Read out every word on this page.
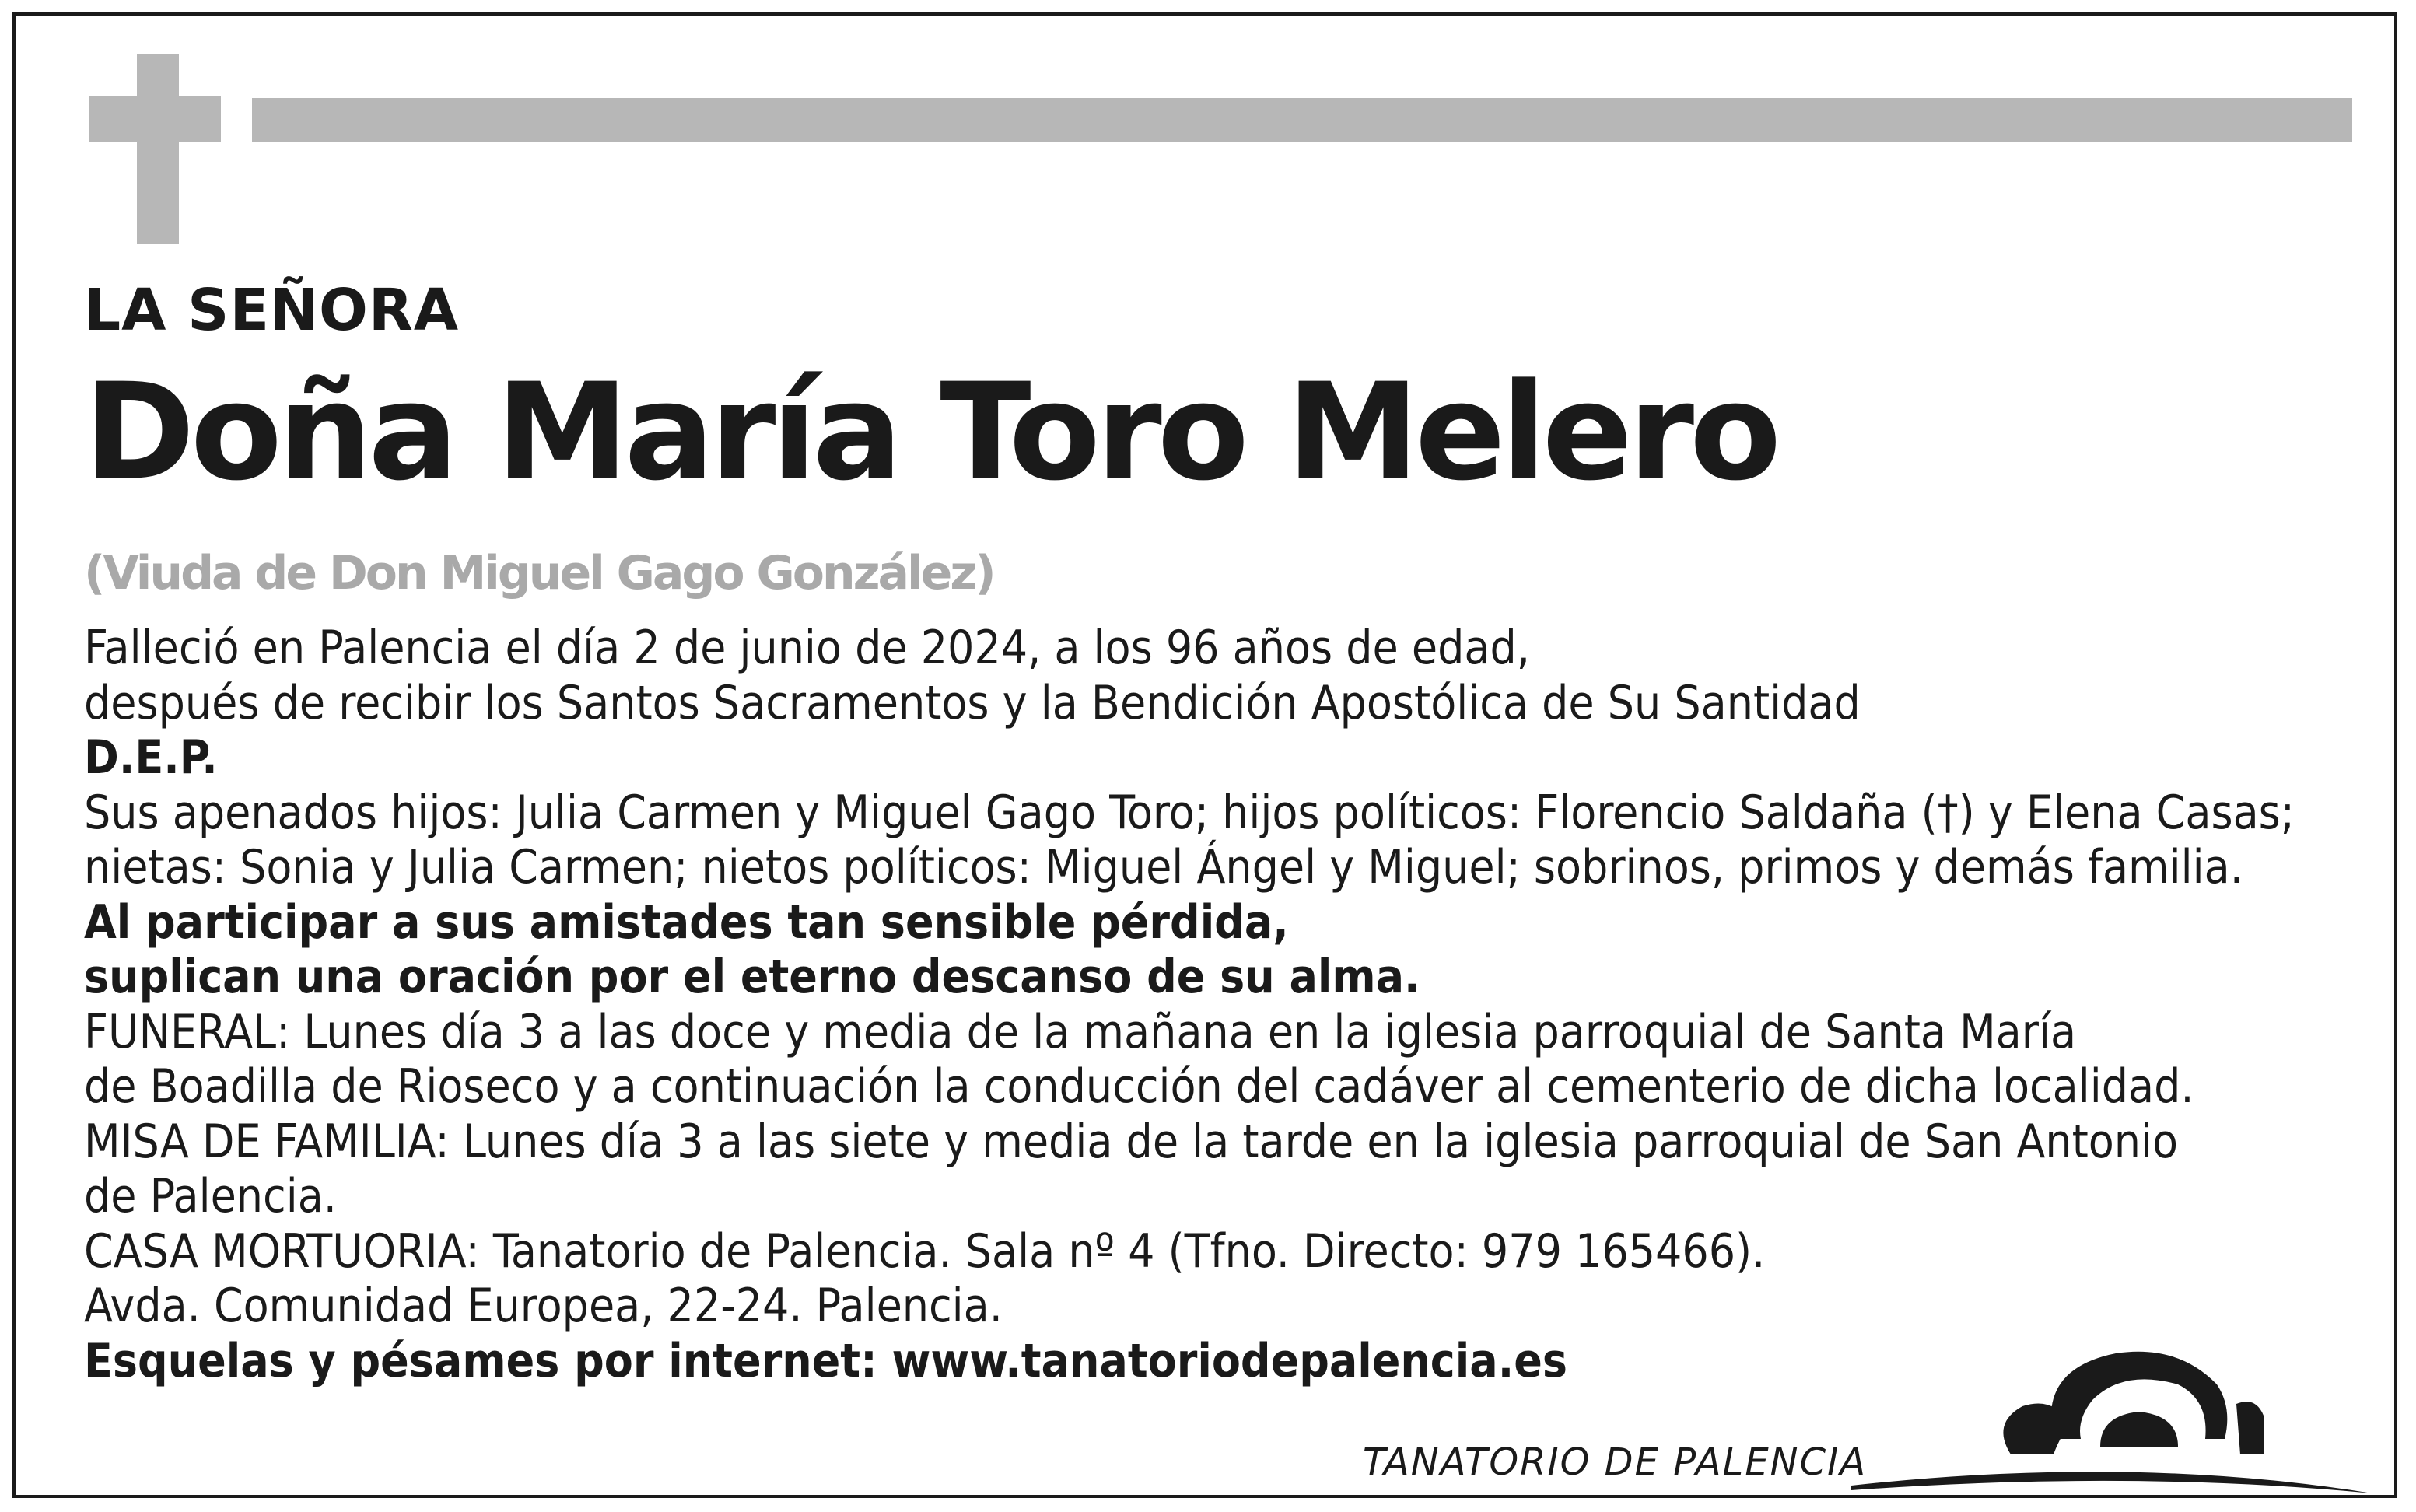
LA SEÑORA
Doña María Toro Melero
(Viuda de Don Miguel Gago González)
Falleció en Palencia el día 2 de junio de 2024, a los 96 años de edad,
después de recibir los Santos Sacramentos y la Bendición Apostólica de Su Santidad
D.E.P.
Sus apenados hijos: Julia Carmen y Miguel Gago Toro; hijos políticos: Florencio Saldaña (†) y Elena Casas;
nietas: Sonia y Julia Carmen; nietos políticos: Miguel Ángel y Miguel; sobrinos, primos y demás familia.
Al participar a sus amistades tan sensible pérdida,
suplican una oración por el eterno descanso de su alma.
FUNERAL: Lunes día 3 a las doce y media de la mañana en la iglesia parroquial de Santa María
de Boadilla de Rioseco y a continuación la conducción del cadáver al cementerio de dicha localidad.
MISA DE FAMILIA: Lunes día 3 a las siete y media de la tarde en la iglesia parroquial de San Antonio
de Palencia.
CASA MORTUORIA: Tanatorio de Palencia. Sala nº 4 (Tfno. Directo: 979 165466).
Avda. Comunidad Europea, 22-24. Palencia.
Esquelas y pésames por internet: www.tanatoriodepalencia.es
TANATORIO DE PALENCIA
